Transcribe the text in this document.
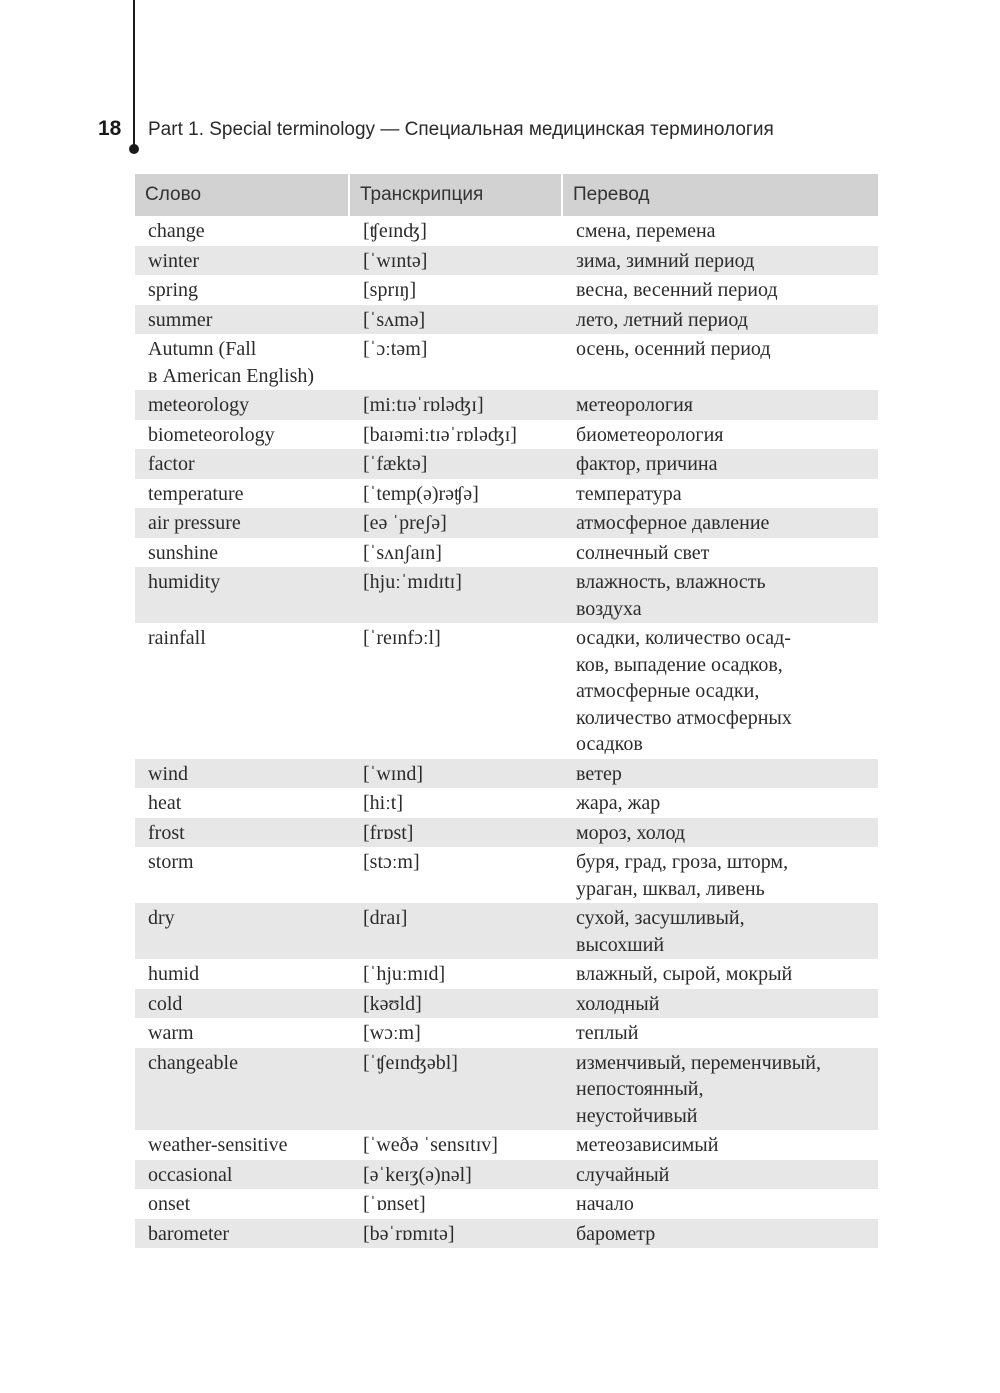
18 Part 1. Special terminology — Специальная медицинская терминология
Слово	Транскрипция	Перевод
change	[ʧeɪnʤ]	смена, перемена
winter	[ˈwɪntə]	зима, зимний период
spring	[sprɪŋ]	весна, весенний период
summer	[ˈsʌmə]	лето, летний период
Autumn (Fall
в American English)	[ˈɔːtəm]	осень, осенний период
meteorology	[miːtɪəˈrɒləʤɪ]	метеорология
biometeorology	[baɪəmiːtɪəˈrɒləʤɪ]	биометеорология
factor	[ˈfæktə]	фактор, причина
temperature	[ˈtemp(ə)rəʧə]	температура
air pressure	[eə ˈpreʃə]	атмосферное давление
sunshine	[ˈsʌnʃaɪn]	солнечный свет
humidity	[hjuːˈmɪdɪtɪ]	влажность, влажность
воздуха
rainfall	[ˈreɪnfɔːl]	осадки, количество осад-
ков, выпадение осадков,
атмосферные осадки,
количество атмосферных
осадков
wind	[ˈwɪnd]	ветер
heat	[hiːt]	жара, жар
frost	[frɒst]	мороз, холод
storm	[stɔːm]	буря, град, гроза, шторм,
ураган, шквал, ливень
dry	[draɪ]	сухой, засушливый,
высохший
humid	[ˈhjuːmɪd]	влажный, сырой, мокрый
cold	[kəʊld]	холодный
warm	[wɔːm]	теплый
changeable	[ˈʧeɪnʤəbl]	изменчивый, переменчивый,
непостоянный,
неустойчивый
weather-sensitive	[ˈweðə ˈsensɪtɪv]	метеозависимый
occasional	[əˈkeɪʒ(ə)nəl]	случайный
onset	[ˈɒnset]	начало
barometer	[bəˈrɒmɪtə]	барометр
